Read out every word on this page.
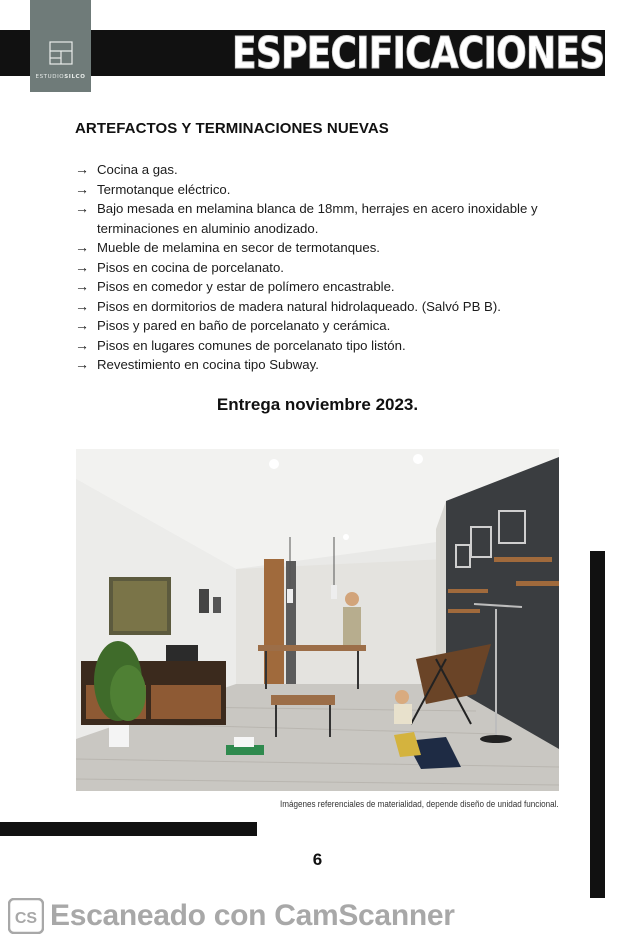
ESTUDIOSILCO	ESPECIFICACIONES
ARTEFACTOS Y TERMINACIONES NUEVAS
→ Cocina a gas.
→ Termotanque eléctrico.
→ Bajo mesada en melamina blanca de 18mm, herrajes en acero inoxidable y terminaciones en aluminio anodizado.
→ Mueble de melamina en secor de termotanques.
→ Pisos en cocina de porcelanato.
→ Pisos en comedor y estar de polímero encastrable.
→ Pisos en dormitorios de madera natural hidrolaqueado. (Salvó PB B).
→ Pisos y pared en baño de porcelanato y cerámica.
→ Pisos en lugares comunes de porcelanato tipo listón.
→ Revestimiento en cocina tipo Subway.
Entrega noviembre 2023.
Imágenes referenciales de materialidad, depende diseño de unidad funcional.
6
CS Escaneado con CamScanner
